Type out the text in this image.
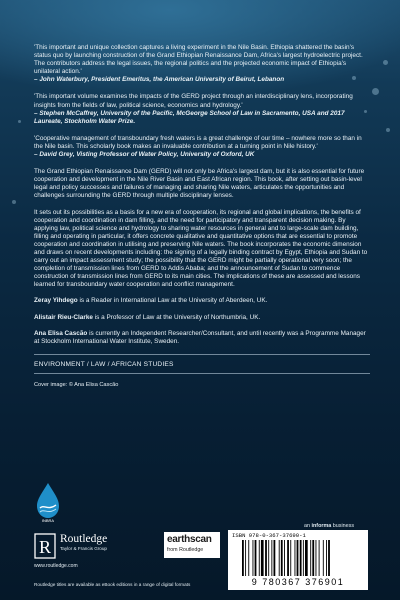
'This important and unique collection captures a living experiment in the Nile Basin. Ethiopia shattered the basin's status quo by launching construction of the Grand Ethiopian Renaissance Dam, Africa's largest hydroelectric project. The contributors address the legal issues, the regional politics and the projected economic impact of Ethiopia's unilateral action.'

– John Waterbury, President Emeritus, the American University of Beirut, Lebanon

'This important volume examines the impacts of the GERD project through an interdisciplinary lens, incorporating insights from the fields of law, political science, economics and hydrology.'

– Stephen McCaffrey, University of the Pacific, McGeorge School of Law in Sacramento, USA and 2017 Laureate, Stockholm Water Prize.

'Cooperative management of transboundary fresh waters is a great challenge of our time – nowhere more so than in the Nile basin. This scholarly book makes an invaluable contribution at a turning point in Nile history.'

– David Grey, Visting Professor of Water Policy, University of Oxford, UK

The Grand Ethiopian Renaissance Dam (GERD) will not only be Africa's largest dam, but it is also essential for future cooperation and development in the Nile River Basin and East African region. This book, after setting out basin-level legal and policy successes and failures of managing and sharing Nile waters, articulates the opportunities and challenges surrounding the GERD through multiple disciplinary lenses.

It sets out its possibilities as a basis for a new era of cooperation, its regional and global implications, the benefits of cooperation and coordination in dam filling, and the need for participatory and transparent decision making. By applying law, political science and hydrology to sharing water resources in general and to large-scale dam building, filling and operating in particular, it offers concrete qualitative and quantitative options that are essential to promote cooperation and coordination in utilising and preserving Nile waters. The book incorporates the economic dimension and draws on recent developments including: the signing of a legally binding contract by Egypt, Ethiopia and Sudan to carry out an impact assessment study; the possibility that the GERD might be partially operational very soon; the completion of transmission lines from GERD to Addis Ababa; and the announcement of Sudan to commence construction of transmission lines from GERD to its main cities. The implications of these are assessed and lessons learned for transboundary water cooperation and conflict management.

Zeray Yihdego is a Reader in International Law at the University of Aberdeen, UK.

Alistair Rieu-Clarke is a Professor of Law at the University of Northumbria, UK.

Ana Elisa Cascão is currently an Independent Researcher/Consultant, and until recently was a Programme Manager at Stockholm International Water Institute, Sweden.

ENVIRONMENT / LAW / AFRICAN STUDIES
Cover image: © Ana Elisa Cascão
INBRA
an informa business
R Routledge
Taylor & Francis Group
www.routledge.com
earthscan
from Routledge
ISBN 978-0-367-37690-1
9 780367 376901
Routledge titles are available as eBook editions in a range of digital formats
